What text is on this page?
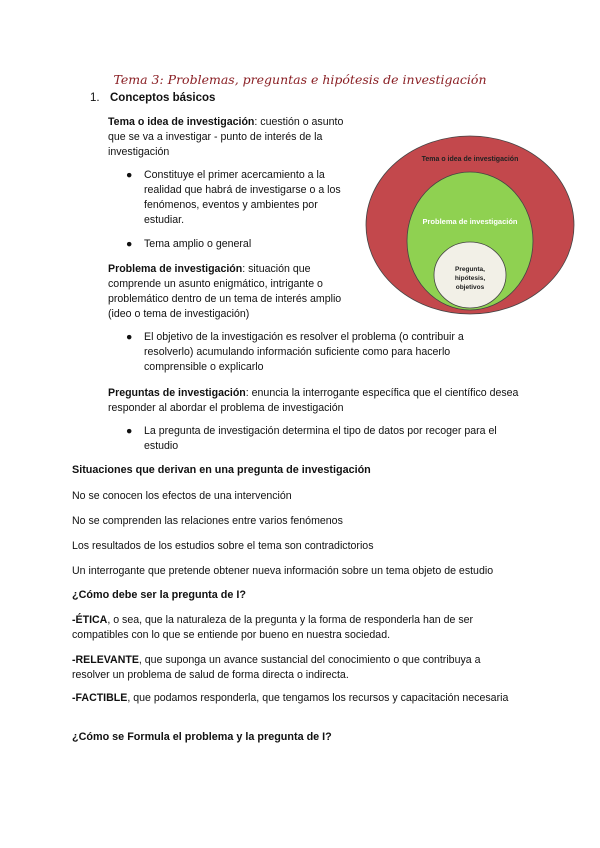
Tema 3: Problemas, preguntas e hipótesis de investigación
1. Conceptos básicos
Tema o idea de investigación: cuestión o asunto que se va a investigar - punto de interés de la investigación
● Constituye el primer acercamiento a la realidad que habrá de investigarse o a los fenómenos, eventos y ambientes por estudiar.
● Tema amplio o general
Problema de investigación: situación que comprende un asunto enigmático, intrigante o problemático dentro de un tema de interés amplio (ideo o tema de investigación)
● El objetivo de la investigación es resolver el problema (o contribuir a resolverlo) acumulando información suficiente como para hacerlo comprensible o explicarlo
Preguntas de investigación: enuncia la interrogante específica que el científico desea responder al abordar el problema de investigación
● La pregunta de investigación determina el tipo de datos por recoger para el estudio
Tema o idea de investigación
Problema de investigación
Pregunta,
hipótesis,
objetivos
Situaciones que derivan en una pregunta de investigación
No se conocen los efectos de una intervención
No se comprenden las relaciones entre varios fenómenos
Los resultados de los estudios sobre el tema son contradictorios
Un interrogante que pretende obtener nueva información sobre un tema objeto de estudio
¿Cómo debe ser la pregunta de I?
-ÉTICA, o sea, que la naturaleza de la pregunta y la forma de responderla han de ser compatibles con lo que se entiende por bueno en nuestra sociedad.
-RELEVANTE, que suponga un avance sustancial del conocimiento o que contribuya a resolver un problema de salud de forma directa o indirecta.
-FACTIBLE, que podamos responderla, que tengamos los recursos y capacitación necesaria
¿Cómo se Formula el problema y la pregunta de I?
